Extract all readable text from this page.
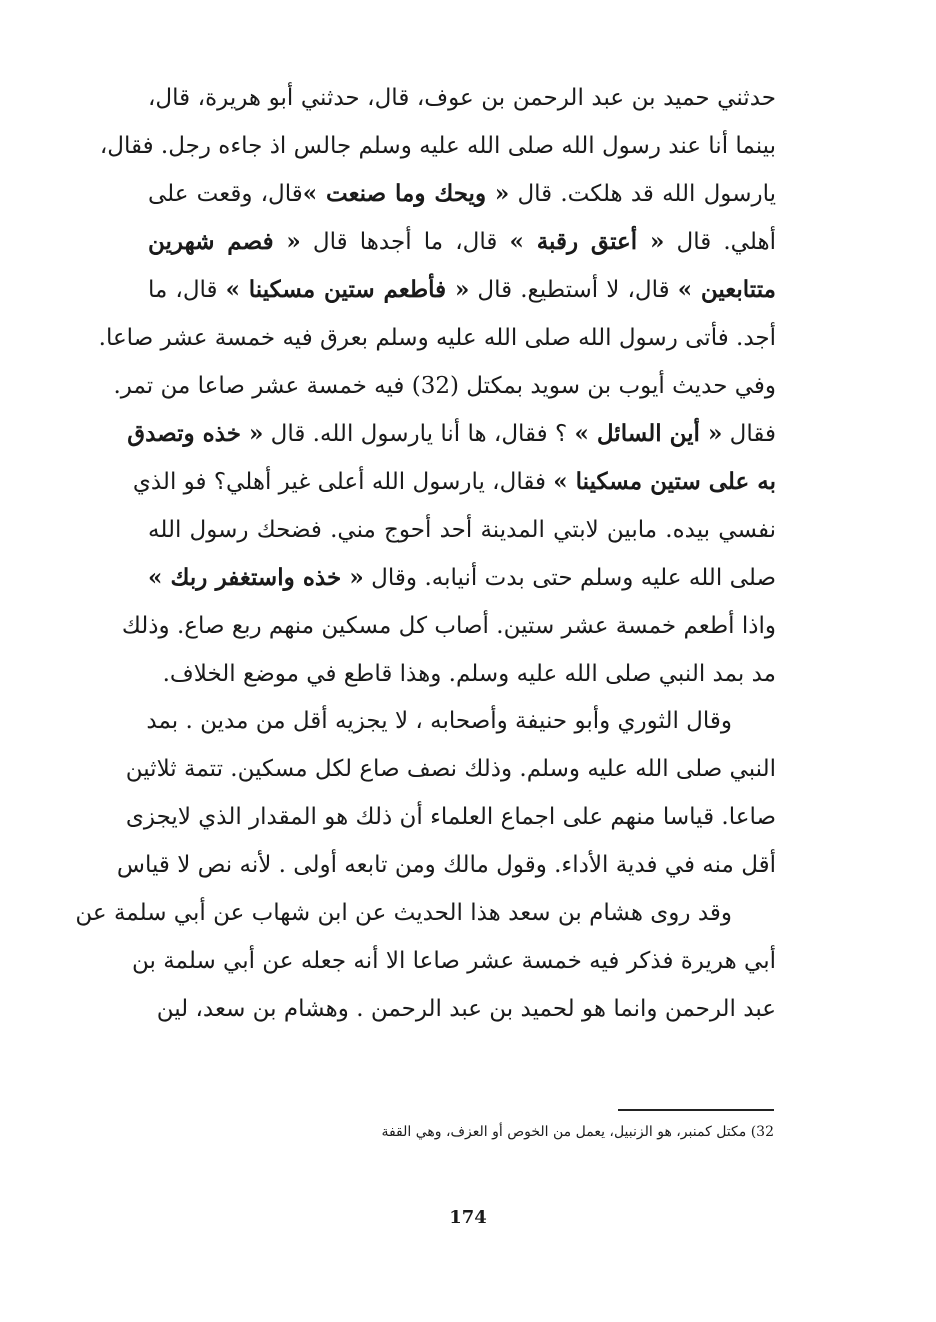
حدثني حميد بن عبد الرحمن بن عوف، قال، حدثني أبو هريرة، قال،
بينما أنا عند رسول الله صلى الله عليه وسلم جالس اذ جاءه رجل. فقال،
يارسول الله قد هلكت. قال « ويحك وما صنعت »قال، وقعت على
أهلي. قال « أعتق رقبة » قال، ما أجدها قال « فصم شهرين
متتابعين » قال، لا أستطيع. قال « فأطعم ستين مسكينا » قال، ما
أجد. فأتى رسول الله صلى الله عليه وسلم بعرق فيه خمسة عشر صاعا.
وفي حديث أيوب بن سويد بمكتل (32) فيه خمسة عشر صاعا من تمر.
فقال « أين السائل » ؟ فقال، ها أنا يارسول الله. قال « خذه وتصدق
به على ستين مسكينا » فقال، يارسول الله أعلى غير أهلي؟ فو الذي
نفسي بيده. مابين لابتي المدينة أحد أحوج مني. فضحك رسول الله
صلى الله عليه وسلم حتى بدت أنيابه. وقال « خذه واستغفر ربك »
واذا أطعم خمسة عشر ستين. أصاب كل مسكين منهم ربع صاع. وذلك
مد بمد النبي صلى الله عليه وسلم. وهذا قاطع في موضع الخلاف.
وقال الثوري وأبو حنيفة وأصحابه ، لا يجزيه أقل من مدين . بمد
النبي صلى الله عليه وسلم. وذلك نصف صاع لكل مسكين. تتمة ثلاثين
صاعا. قياسا منهم على اجماع العلماء أن ذلك هو المقدار الذي لايجزى
أقل منه في فدية الأداء. وقول مالك ومن تابعه أولى . لأنه نص لا قياس
وقد روى هشام بن سعد هذا الحديث عن ابن شهاب عن أبي سلمة عن
أبي هريرة فذكر فيه خمسة عشر صاعا الا أنه جعله عن أبي سلمة بن
عبد الرحمن وانما هو لحميد بن عبد الرحمن . وهشام بن سعد، لين
32) مكتل كمنبر، هو الزنبيل، يعمل من الخوص أو العزف، وهي القفة
174
